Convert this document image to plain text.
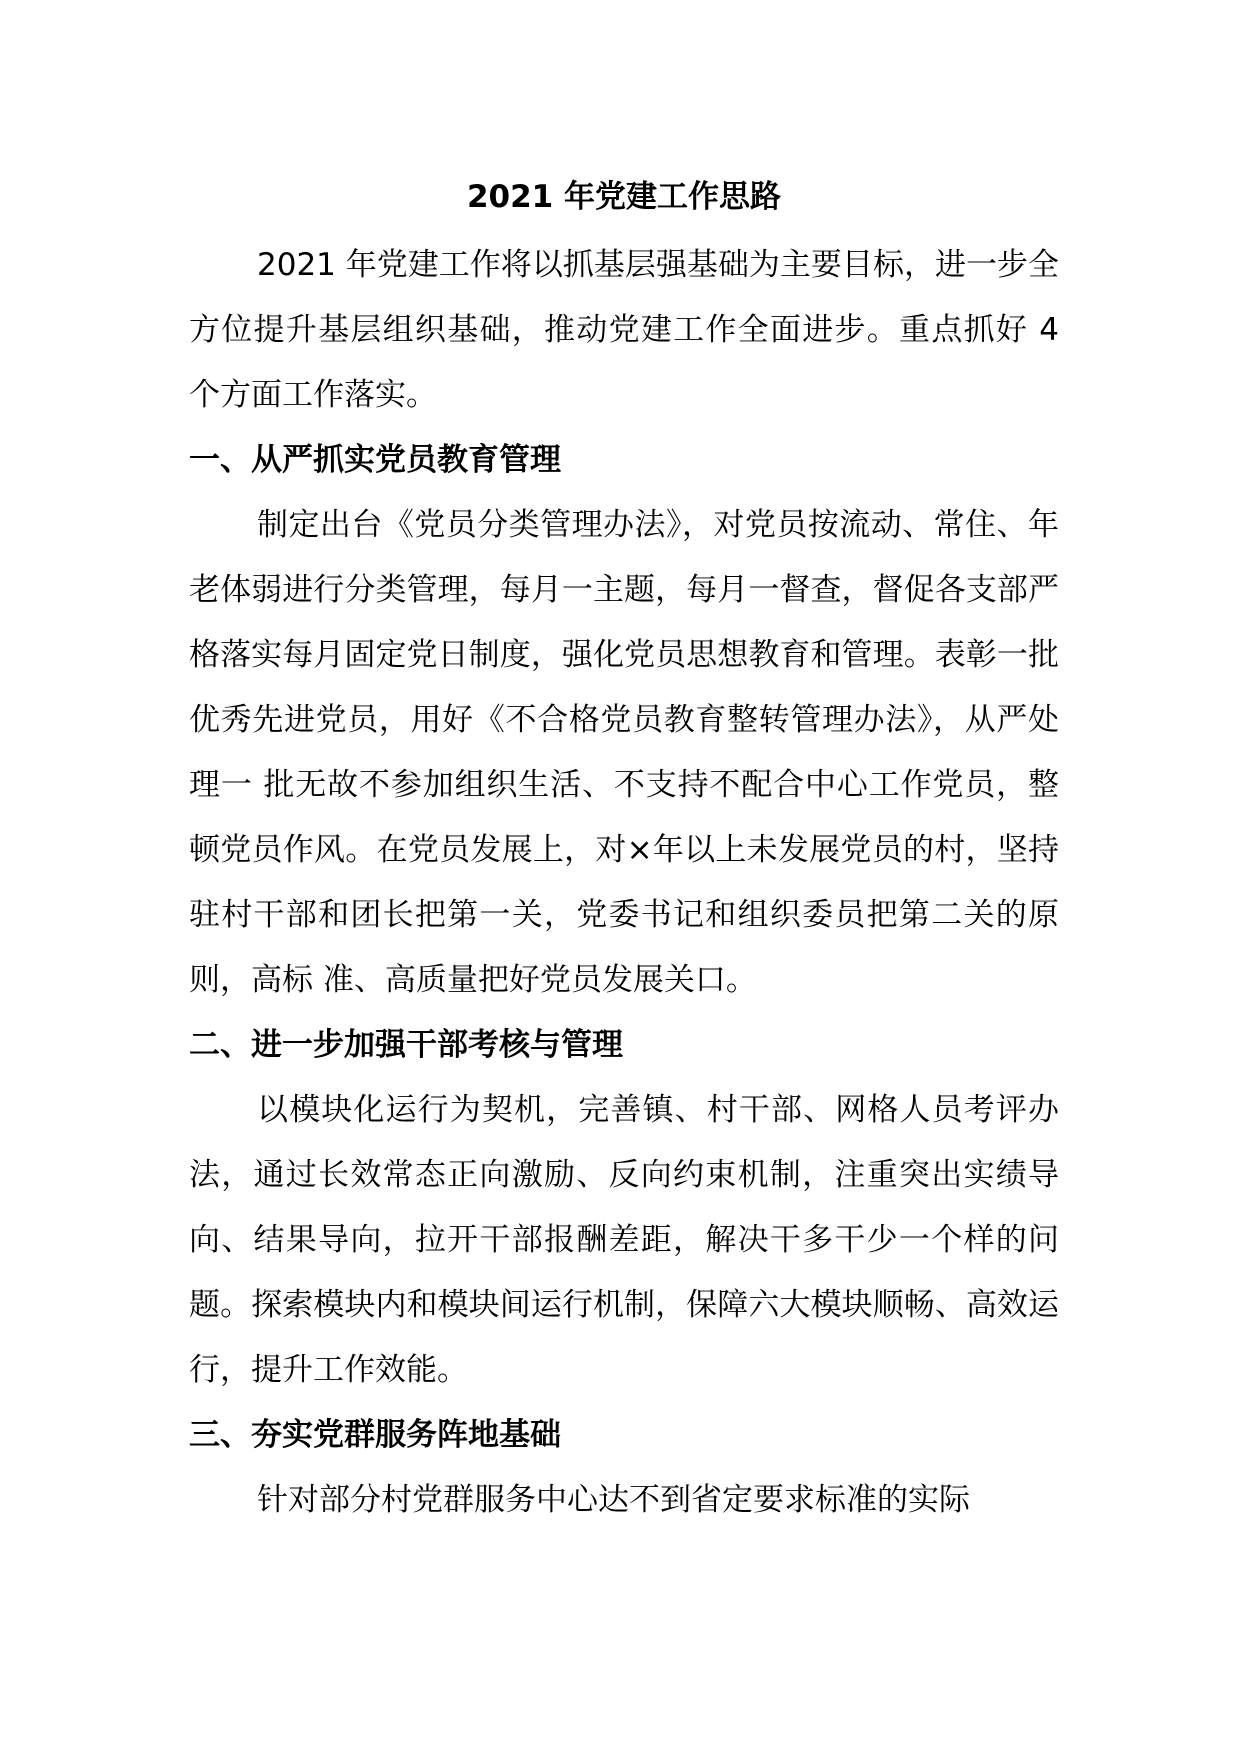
2021 年党建工作思路

2021 年党建工作将以抓基层强基础为主要目标，进一步全方位提升基层组织基础，推动党建工作全面进步。重点抓好 4 个方面工作落实。

一、从严抓实党员教育管理

制定出台《党员分类管理办法》，对党员按流动、常住、年老体弱进行分类管理，每月一主题，每月一督查，督促各支部严格落实每月固定党日制度，强化党员思想教育和管理。表彰一批优秀先进党员，用好《不合格党员教育整转管理办法》，从严处理一 批无故不参加组织生活、不支持不配合中心工作党员，整顿党员作风。在党员发展上，对×年以上未发展党员的村，坚持驻村干部和团长把第一关，党委书记和组织委员把第二关的原则，高标 准、高质量把好党员发展关口。

二、进一步加强干部考核与管理

以模块化运行为契机，完善镇、村干部、网格人员考评办法，通过长效常态正向激励、反向约束机制，注重突出实绩导向、结果导向，拉开干部报酬差距，解决干多干少一个样的问题。探索模块内和模块间运行机制，保障六大模块顺畅、高效运行，提升工作效能。

三、夯实党群服务阵地基础

针对部分村党群服务中心达不到省定要求标准的实际
